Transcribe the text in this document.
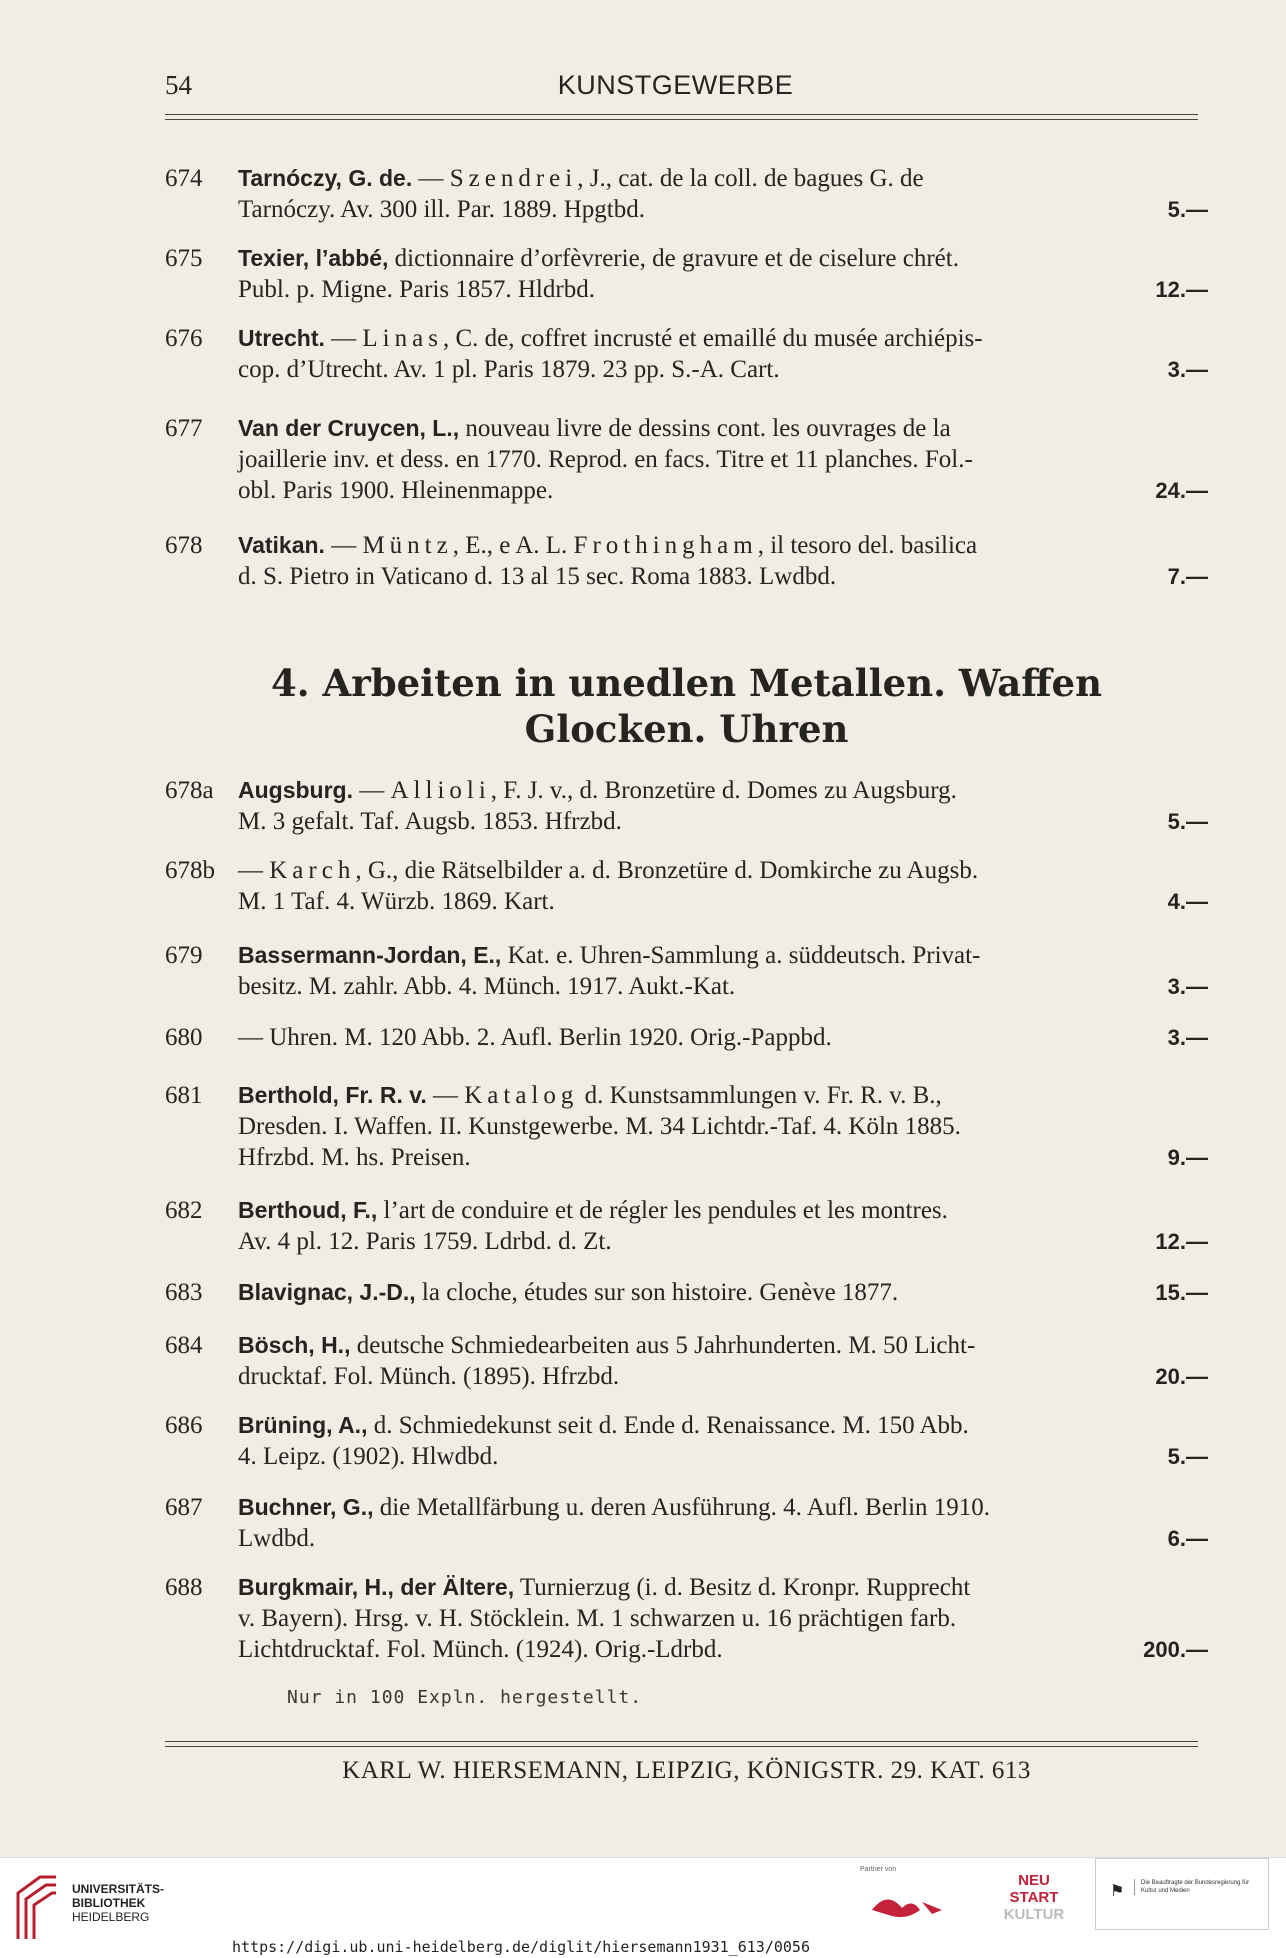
54	KUNSTGEWERBE
674	Tarnóczy, G. de. — Szendrei, J., cat. de la coll. de bagues G. de
Tarnóczy. Av. 300 ill. Par. 1889. Hpgtbd.	5.—
675	Texier, l’abbé, dictionnaire d’orfèvrerie, de gravure et de ciselure chrét.
Publ. p. Migne. Paris 1857. Hldrbd.	12.—
676	Utrecht. — Linas, C. de, coffret incrusté et emaillé du musée archiépis-
cop. d’Utrecht. Av. 1 pl. Paris 1879. 23 pp. S.-A. Cart.	3.—
677	Van der Cruycen, L., nouveau livre de dessins cont. les ouvrages de la
joaillerie inv. et dess. en 1770. Reprod. en facs. Titre et 11 planches. Fol.-
obl. Paris 1900. Hleinenmappe.	24.—
678	Vatikan. — Müntz, E., e A. L. Frothingham, il tesoro del. basilica
d. S. Pietro in Vaticano d. 13 al 15 sec. Roma 1883. Lwdbd.	7.—
4. Arbeiten in unedlen Metallen. Waffen
Glocken. Uhren
678a	Augsburg. — Allioli, F. J. v., d. Bronzetüre d. Domes zu Augsburg.
M. 3 gefalt. Taf. Augsb. 1853. Hfrzbd.	5.—
678b — Karch, G., die Rätselbilder a. d. Bronzetüre d. Domkirche zu Augsb.
M. 1 Taf. 4. Würzb. 1869. Kart.	4.—
679	Bassermann-Jordan, E., Kat. e. Uhren-Sammlung a. süddeutsch. Privat-
besitz. M. zahlr. Abb. 4. Münch. 1917. Aukt.-Kat.	3.—
680	— Uhren. M. 120 Abb. 2. Aufl. Berlin 1920. Orig.-Pappbd.	3.—
681	Berthold, Fr. R. v. — Katalog d. Kunstsammlungen v. Fr. R. v. B.,
Dresden. I. Waffen. II. Kunstgewerbe. M. 34 Lichtdr.-Taf. 4. Köln 1885.
Hfrzbd. M. hs. Preisen.	9.—
682	Berthoud, F., l’art de conduire et de régler les pendules et les montres.
Av. 4 pl. 12. Paris 1759. Ldrbd. d. Zt.	12.—
683	Blavignac, J.-D., la cloche, études sur son histoire. Genève 1877.	15.—
684	Bösch, H., deutsche Schmiedearbeiten aus 5 Jahrhunderten. M. 50 Licht-
drucktaf. Fol. Münch. (1895). Hfrzbd.	20.—
686	Brüning, A., d. Schmiedekunst seit d. Ende d. Renaissance. M. 150 Abb.
4. Leipz. (1902). Hlwdbd.	5.—
687	Buchner, G., die Metallfärbung u. deren Ausführung. 4. Aufl. Berlin 1910.
Lwdbd.	6.—
688	Burgkmair, H., der Ältere, Turnierzug (i. d. Besitz d. Kronpr. Rupprecht
v. Bayern). Hrsg. v. H. Stöcklein. M. 1 schwarzen u. 16 prächtigen farb.
Lichtdrucktaf. Fol. Münch. (1924). Orig.-Ldrbd.	200.—
Nur in 100 Expln. hergestellt.
KARL W. HIERSEMANN, LEIPZIG, KÖNIGSTR. 29. KAT. 613
UNIVERSITÄTS-
BIBLIOTHEK
HEIDELBERG
https://digi.ub.uni-heidelberg.de/diglit/hiersemann1931_613/0056
Partner von
NEU
START
KULTUR
⚑	Die Beauftragte der Bundesregierung für Kultur und Medien
